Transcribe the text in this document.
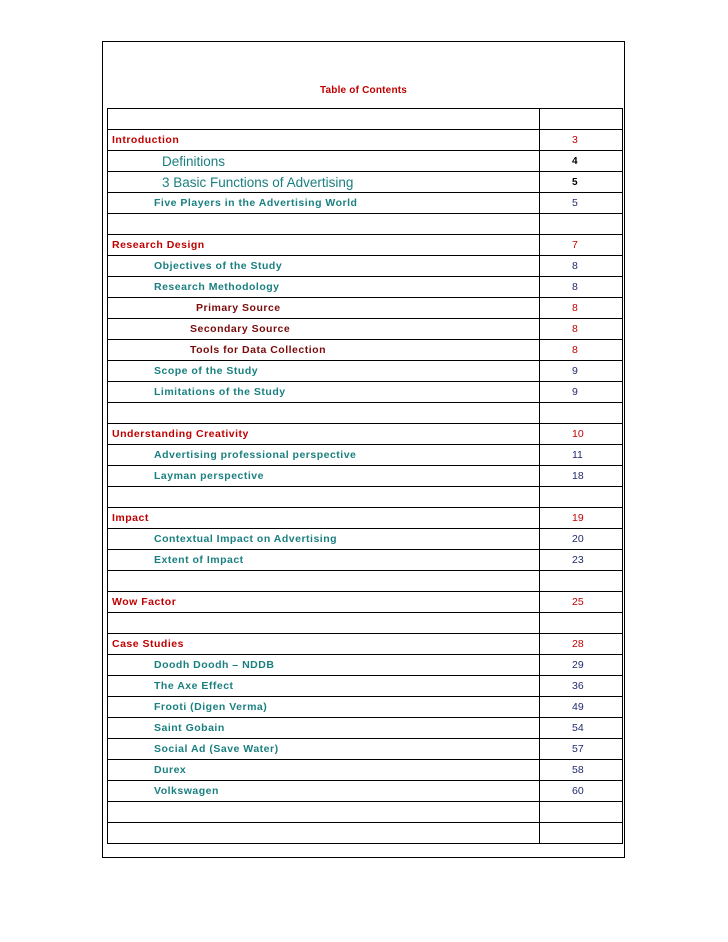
Table of Contents

Introduction	3
Definitions	4
3 Basic Functions of Advertising	5
Five Players in the Advertising World	5

Research Design	7
Objectives of the Study	8
Research Methodology	8
Primary Source	8
Secondary Source	8
Tools for Data Collection	8
Scope of the Study	9
Limitations of the Study	9

Understanding Creativity	10
Advertising professional perspective	11
Layman perspective	18

Impact	19
Contextual Impact on Advertising	20
Extent of Impact	23

Wow Factor	25

Case Studies	28
Doodh Doodh – NDDB	29
The Axe Effect	36
Frooti (Digen Verma)	49
Saint Gobain	54
Social Ad (Save Water)	57
Durex	58
Volkswagen	60
